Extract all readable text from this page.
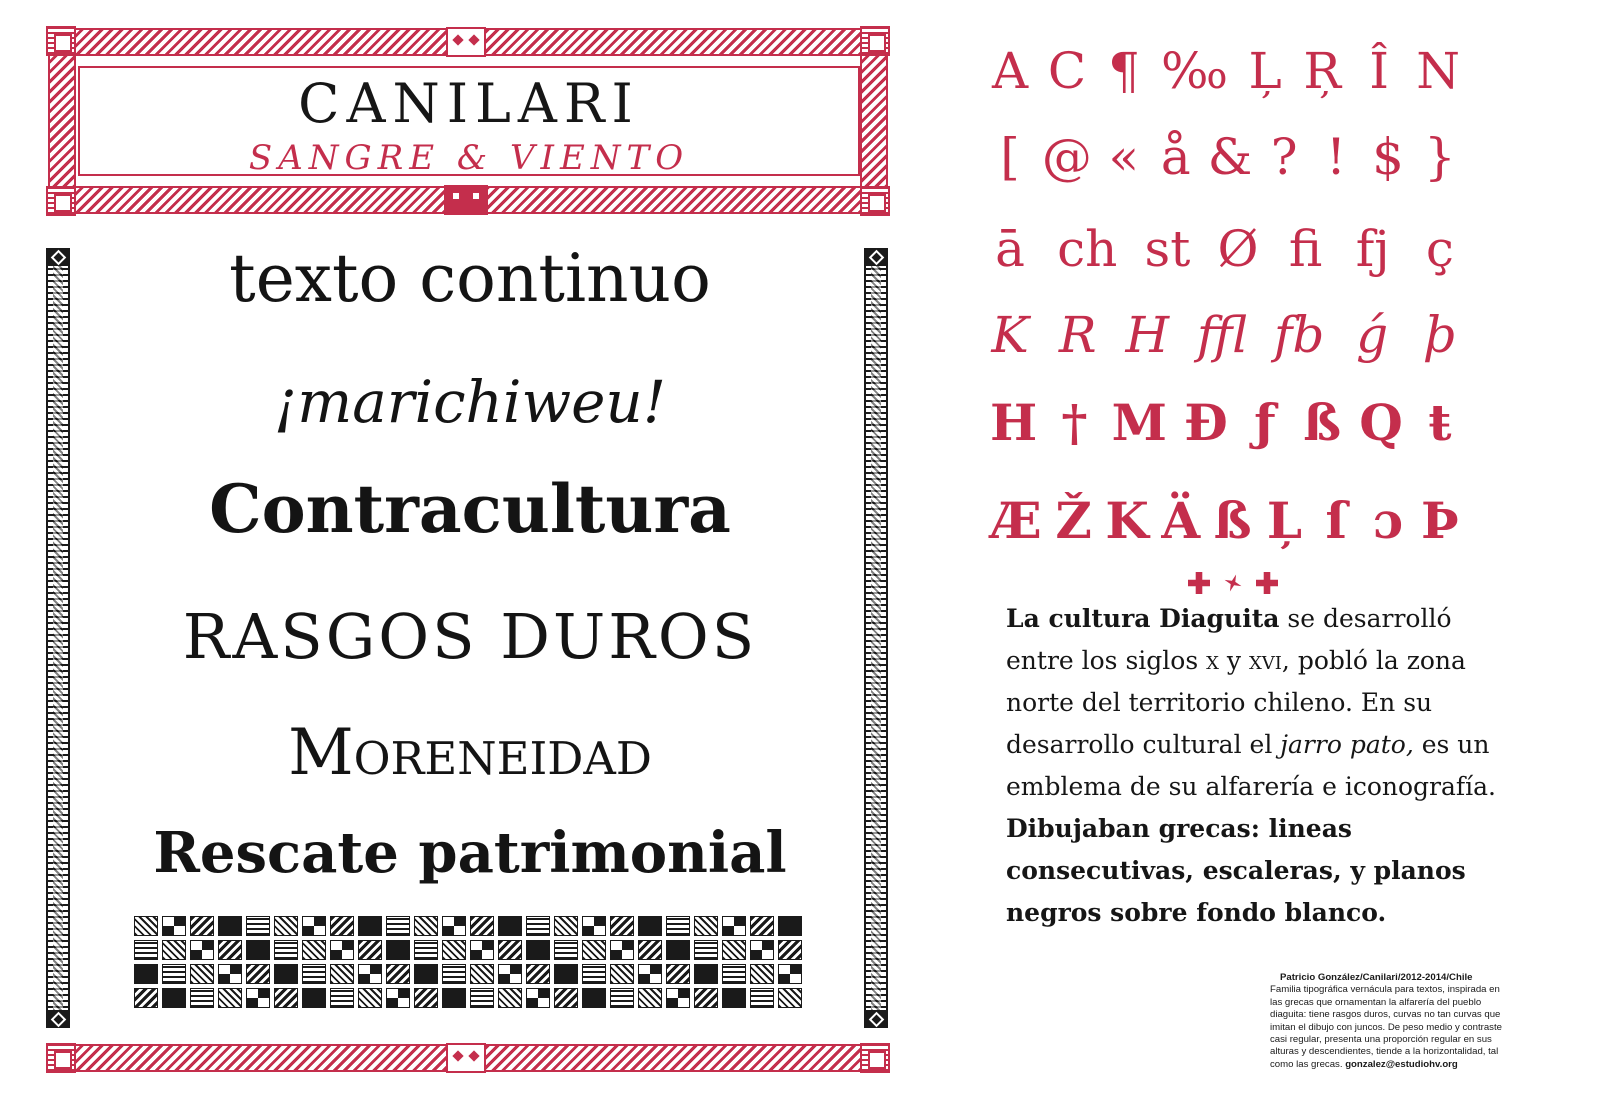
CANILARI
SANGRE & VIENTO
texto continuo
¡marichiweu!
Contracultura
RASGOS DUROS
Moreneidad
Rescate patrimonial
A C ¶ ‰ Ļ Ŗ Î N
[ @ « å & ? ! $ }
ā ch st Ø fi fj ç
K R H ffl fb ǵ þ
H † M Đ ƒ ß Q ŧ
Æ Ž K Ä ß Ļ ſ ɔ Þ
La cultura Diaguita se desarrolló entre los siglos x y xvi, pobló la zona norte del territorio chileno. En su desarrollo cultural el jarro pato, es un emblema de su alfarería e iconografía. Dibujaban grecas: lineas consecutivas, escaleras, y planos negros sobre fondo blanco.
Patricio González/Canilari/2012-2014/Chile
Familia tipográfica vernácula para textos, inspirada en las grecas que ornamentan la alfarería del pueblo diaguita: tiene rasgos duros, curvas no tan curvas que imitan el dibujo con juncos. De peso medio y contraste casi regular, presenta una proporción regular en sus alturas y descendientes, tiende a la horizontalidad, tal como las grecas. gonzalez@estudiohv.org
